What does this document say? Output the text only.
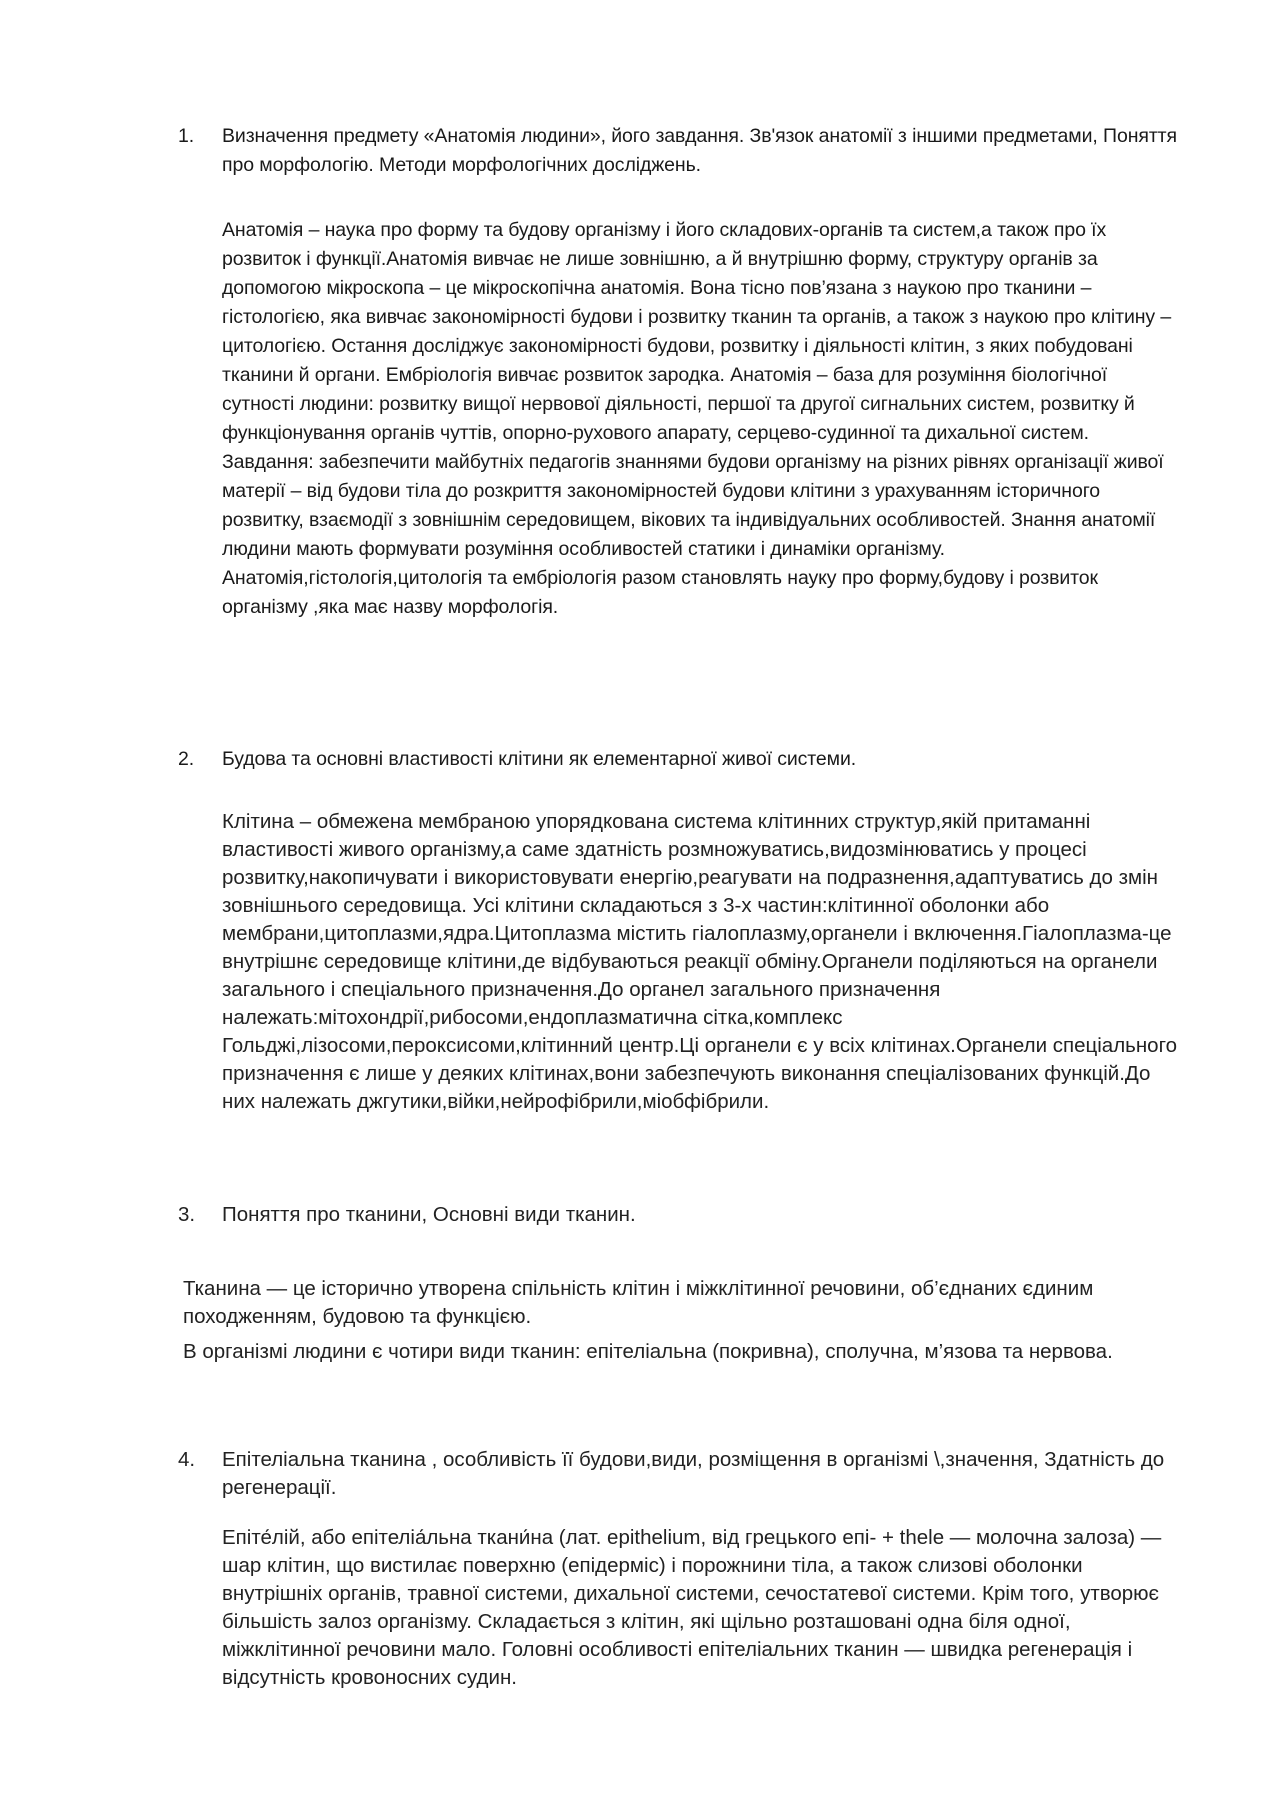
1.	Визначення предмету «Анатомія людини», його завдання. Зв'язок анатомії з іншими предметами, Поняття про морфологію. Методи морфологічних досліджень.

Анатомія – наука про форму та будову організму і його складових-органів та систем,а також про їх розвиток і функції.Анатомія вивчає не лише зовнішню, а й внутрішню форму, структуру органів за допомогою мікроскопа – це мікроскопічна анатомія. Вона тісно пов’язана з наукою про тканини – гістологією, яка вивчає закономірності будови і розвитку тканин та органів, а також з наукою про клітину – цитологією. Остання досліджує закономірності будови, розвитку і діяльності клітин, з яких побудовані тканини й органи. Ембріологія вивчає розвиток зародка. Анатомія – база для розуміння біологічної сутності людини: розвитку вищої нервової діяльності, першої та другої сигнальних систем, розвитку й функціонування органів чуттів, опорно-рухового апарату, серцево-судинної та дихальної систем.

Завдання: забезпечити майбутніх педагогів знаннями будови організму на різних рівнях організації живої матерії – від будови тіла до розкриття закономірностей будови клітини з урахуванням історичного розвитку, взаємодії з зовнішнім середовищем, вікових та індивідуальних особливостей. Знання анатомії людини мають формувати розуміння особливостей статики і динаміки організму. Анатомія,гістологія,цитологія та ембріологія разом становлять науку про форму,будову і розвиток організму ,яка має назву морфологія.

2.	Будова та основні властивості клітини як елементарної живої системи.

Клітина – обмежена мембраною упорядкована система клітинних структур,якій притаманні властивості живого організму,а саме здатність розмножуватись,видозмінюватись у процесі розвитку,накопичувати і використовувати енергію,реагувати на подразнення,адаптуватись до змін зовнішнього середовища. Усі клітини складаються з 3-х частин:клітинної оболонки або мембрани,цитоплазми,ядра.Цитоплазма містить гіалоплазму,органели і включення.Гіалоплазма-це внутрішнє середовище клітини,де відбуваються реакції обміну.Органели поділяються на органели загального і спеціального призначення.До органел загального призначення належать:мітохондрії,рибосоми,ендоплазматична сітка,комплекс Гольджі,лізосоми,пероксисоми,клітинний центр.Ці органели є у всіх клітинах.Органели спеціального призначення є лише у деяких клітинах,вони забезпечують виконання спеціалізованих функцій.До них належать джгутики,війки,нейрофібрили,міобфібрили.

3.	Поняття про тканини, Основні види тканин.

Тканина — це історично утворена спільність клітин і міжклітинної речовини, об’єднаних єдиним походженням, будовою та функцією.

В організмі людини є чотири види тканин: епітеліальна (покривна), сполучна, м’язова та нервова.

4.	Епітеліальна тканина , особливість її будови,види, розміщення в організмі \,значення, Здатність до регенерації.

Епіте́лій, або епітеліа́льна ткани́на (лат. epithelium, від грецького епі- + thele — молочна залоза) — шар клітин, що вистилає поверхню (епідерміс) і порожнини тіла, а також слизові оболонки внутрішніх органів, травної системи, дихальної системи, сечостатевої системи. Крім того, утворює більшість залоз організму. Складається з клітин, які щільно розташовані одна біля одної, міжклітинної речовини мало. Головні особливості епітеліальних тканин — швидка регенерація і відсутність кровоносних судин.
